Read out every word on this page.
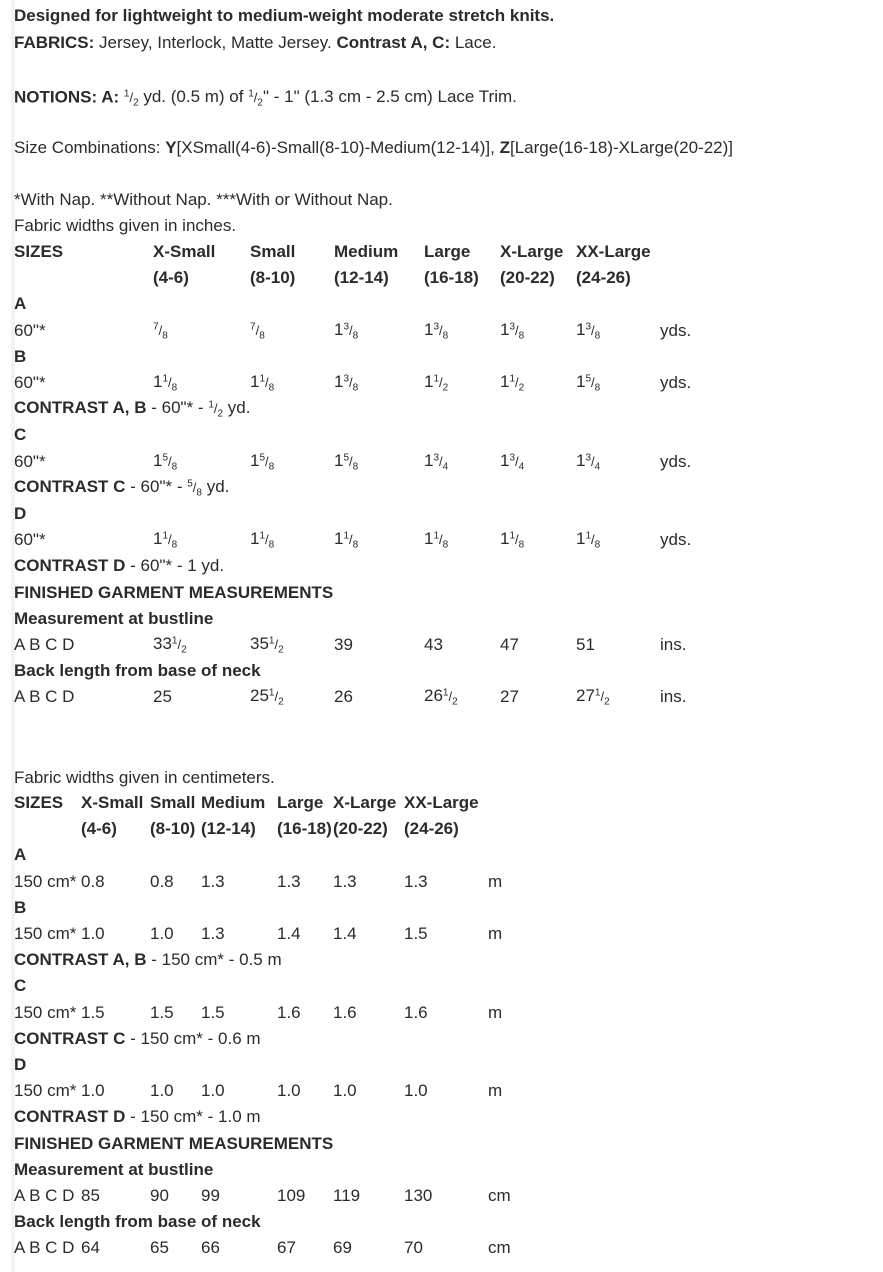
Designed for lightweight to medium-weight moderate stretch knits.
FABRICS: Jersey, Interlock, Matte Jersey. Contrast A, C: Lace.
NOTIONS: A: $^1/_2$ yd. (0.5 m) of $^1/_2$" - 1" (1.3 cm - 2.5 cm) Lace Trim.
Size Combinations: Y[XSmall(4-6)-Small(8-10)-Medium(12-14)], Z[Large(16-18)-XLarge(20-22)]
*With Nap. **Without Nap. ***With or Without Nap.
Fabric widths given in inches.
SIZES	X-Small	Small	Medium	Large	X-Large	XX-Large	
	(4-6)	(8-10)	(12-14)	(16-18)	(20-22)	(24-26)	
A							
60"*	$^7/_8$	$^7/_8$	$1^3/_8$	$1^3/_8$	$1^3/_8$	$1^3/_8$	yds.
B							
60"*	$1^1/_8$	$1^1/_8$	$1^3/_8$	$1^1/_2$	$1^1/_2$	$1^5/_8$	yds.
CONTRAST A, B - 60"* - $^1/_2$ yd.							
C							
60"*	$1^5/_8$	$1^5/_8$	$1^5/_8$	$1^3/_4$	$1^3/_4$	$1^3/_4$	yds.
CONTRAST C - 60"* - $^5/_8$ yd.							
D							
60"*	$1^1/_8$	$1^1/_8$	$1^1/_8$	$1^1/_8$	$1^1/_8$	$1^1/_8$	yds.
CONTRAST D - 60"* - 1 yd.							
FINISHED GARMENT MEASUREMENTS							
Measurement at bustline							
A B C D	$33^1/_2$	$35^1/_2$	39	43	47	51	ins.
Back length from base of neck							
A B C D	25	$25^1/_2$	26	$26^1/_2$	27	$27^1/_2$	ins.
Fabric widths given in centimeters.
SIZES	X-Small	Small	Medium	Large	X-Large	XX-Large	
	(4-6)	(8-10)	(12-14)	(16-18)	(20-22)	(24-26)	
A							
150 cm*	0.8	0.8	1.3	1.3	1.3	1.3	m
B							
150 cm*	1.0	1.0	1.3	1.4	1.4	1.5	m
CONTRAST A, B - 150 cm* - 0.5 m							
C							
150 cm*	1.5	1.5	1.5	1.6	1.6	1.6	m
CONTRAST C - 150 cm* - 0.6 m							
D							
150 cm*	1.0	1.0	1.0	1.0	1.0	1.0	m
CONTRAST D - 150 cm* - 1.0 m							
FINISHED GARMENT MEASUREMENTS							
Measurement at bustline							
A B C D	85	90	99	109	119	130	cm
Back length from base of neck							
A B C D	64	65	66	67	69	70	cm
